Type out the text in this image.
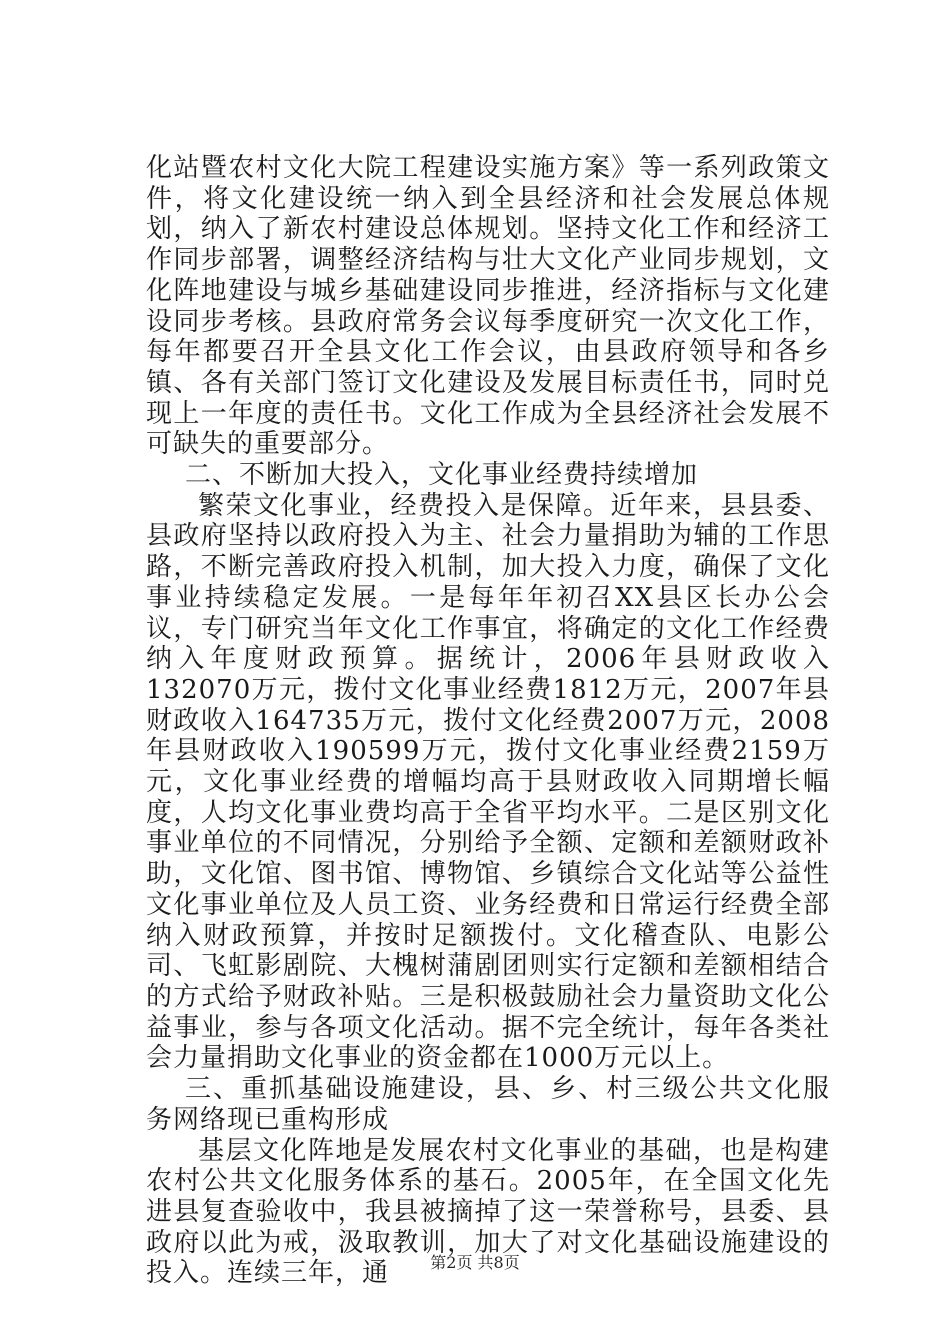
化站暨农村文化大院工程建设实施方案》等一系列政策文件，将文化建设统一纳入到全县经济和社会发展总体规划，纳入了新农村建设总体规划。坚持文化工作和经济工作同步部署，调整经济结构与壮大文化产业同步规划，文化阵地建设与城乡基础建设同步推进，经济指标与文化建设同步考核。县政府常务会议每季度研究一次文化工作，每年都要召开全县文化工作会议，由县政府领导和各乡镇、各有关部门签订文化建设及发展目标责任书，同时兑现上一年度的责任书。文化工作成为全县经济社会发展不可缺失的重要部分。

二、不断加大投入，文化事业经费持续增加

繁荣文化事业，经费投入是保障。近年来，县县委、县政府坚持以政府投入为主、社会力量捐助为辅的工作思路，不断完善政府投入机制，加大投入力度，确保了文化事业持续稳定发展。一是每年年初召XX县区长办公会议，专门研究当年文化工作事宜，将确定的文化工作经费纳入年度财政预算。据统计，2006年县财政收入132070万元，拨付文化事业经费1812万元，2007年县财政收入164735万元，拨付文化经费2007万元，2008年县财政收入190599万元，拨付文化事业经费2159万元，文化事业经费的增幅均高于县财政收入同期增长幅度，人均文化事业费均高于全省平均水平。二是区别文化事业单位的不同情况，分别给予全额、定额和差额财政补助，文化馆、图书馆、博物馆、乡镇综合文化站等公益性文化事业单位及人员工资、业务经费和日常运行经费全部纳入财政预算，并按时足额拨付。文化稽查队、电影公司、飞虹影剧院、大槐树蒲剧团则实行定额和差额相结合的方式给予财政补贴。三是积极鼓励社会力量资助文化公益事业，参与各项文化活动。据不完全统计，每年各类社会力量捐助文化事业的资金都在1000万元以上。

三、重抓基础设施建设，县、乡、村三级公共文化服务网络现已重构形成

基层文化阵地是发展农村文化事业的基础，也是构建农村公共文化服务体系的基石。2005年，在全国文化先进县复查验收中，我县被摘掉了这一荣誉称号，县委、县政府以此为戒，汲取教训，加大了对文化基础设施建设的投入。连续三年，通	第2页 共8页
